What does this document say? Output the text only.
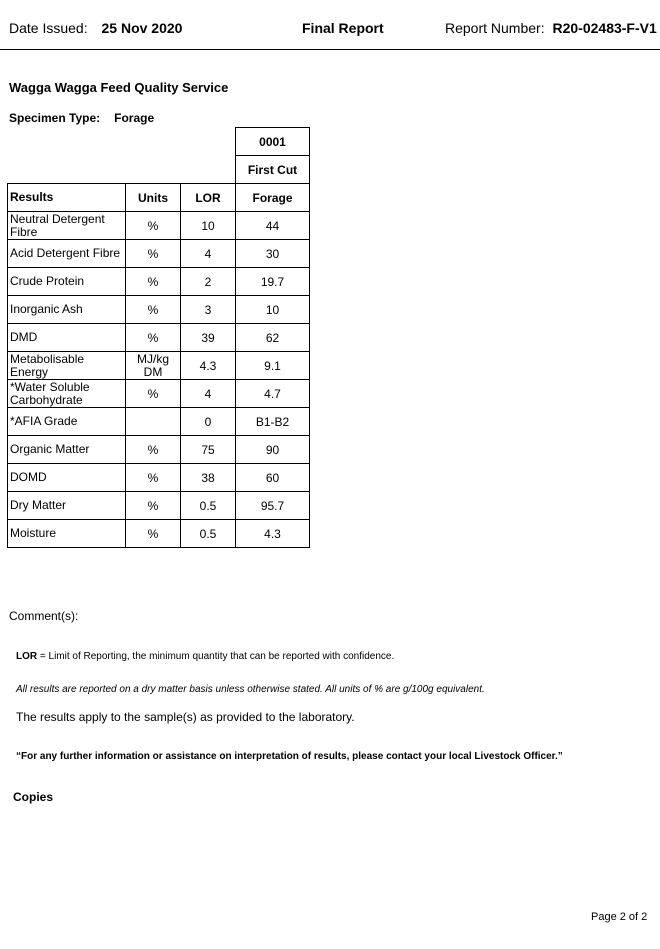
Date Issued: 25 Nov 2020	Final Report	Report Number: R20-02483-F-V1
Wagga Wagga Feed Quality Service
Specimen Type: Forage
			0001
			First Cut
Results	Units	LOR	Forage
Neutral Detergent Fibre	%	10	44
Acid Detergent Fibre	%	4	30
Crude Protein	%	2	19.7
Inorganic Ash	%	3	10
DMD	%	39	62
Metabolisable Energy	MJ/kg DM	4.3	9.1
*Water Soluble Carbohydrate	%	4	4.7
*AFIA Grade		0	B1-B2
Organic Matter	%	75	90
DOMD	%	38	60
Dry Matter	%	0.5	95.7
Moisture	%	0.5	4.3
Comment(s):
LOR = Limit of Reporting, the minimum quantity that can be reported with confidence.
All results are reported on a dry matter basis unless otherwise stated. All units of % are g/100g equivalent.
The results apply to the sample(s) as provided to the laboratory.
“For any further information or assistance on interpretation of results, please contact your local Livestock Officer.”
Copies
Page 2 of 2
